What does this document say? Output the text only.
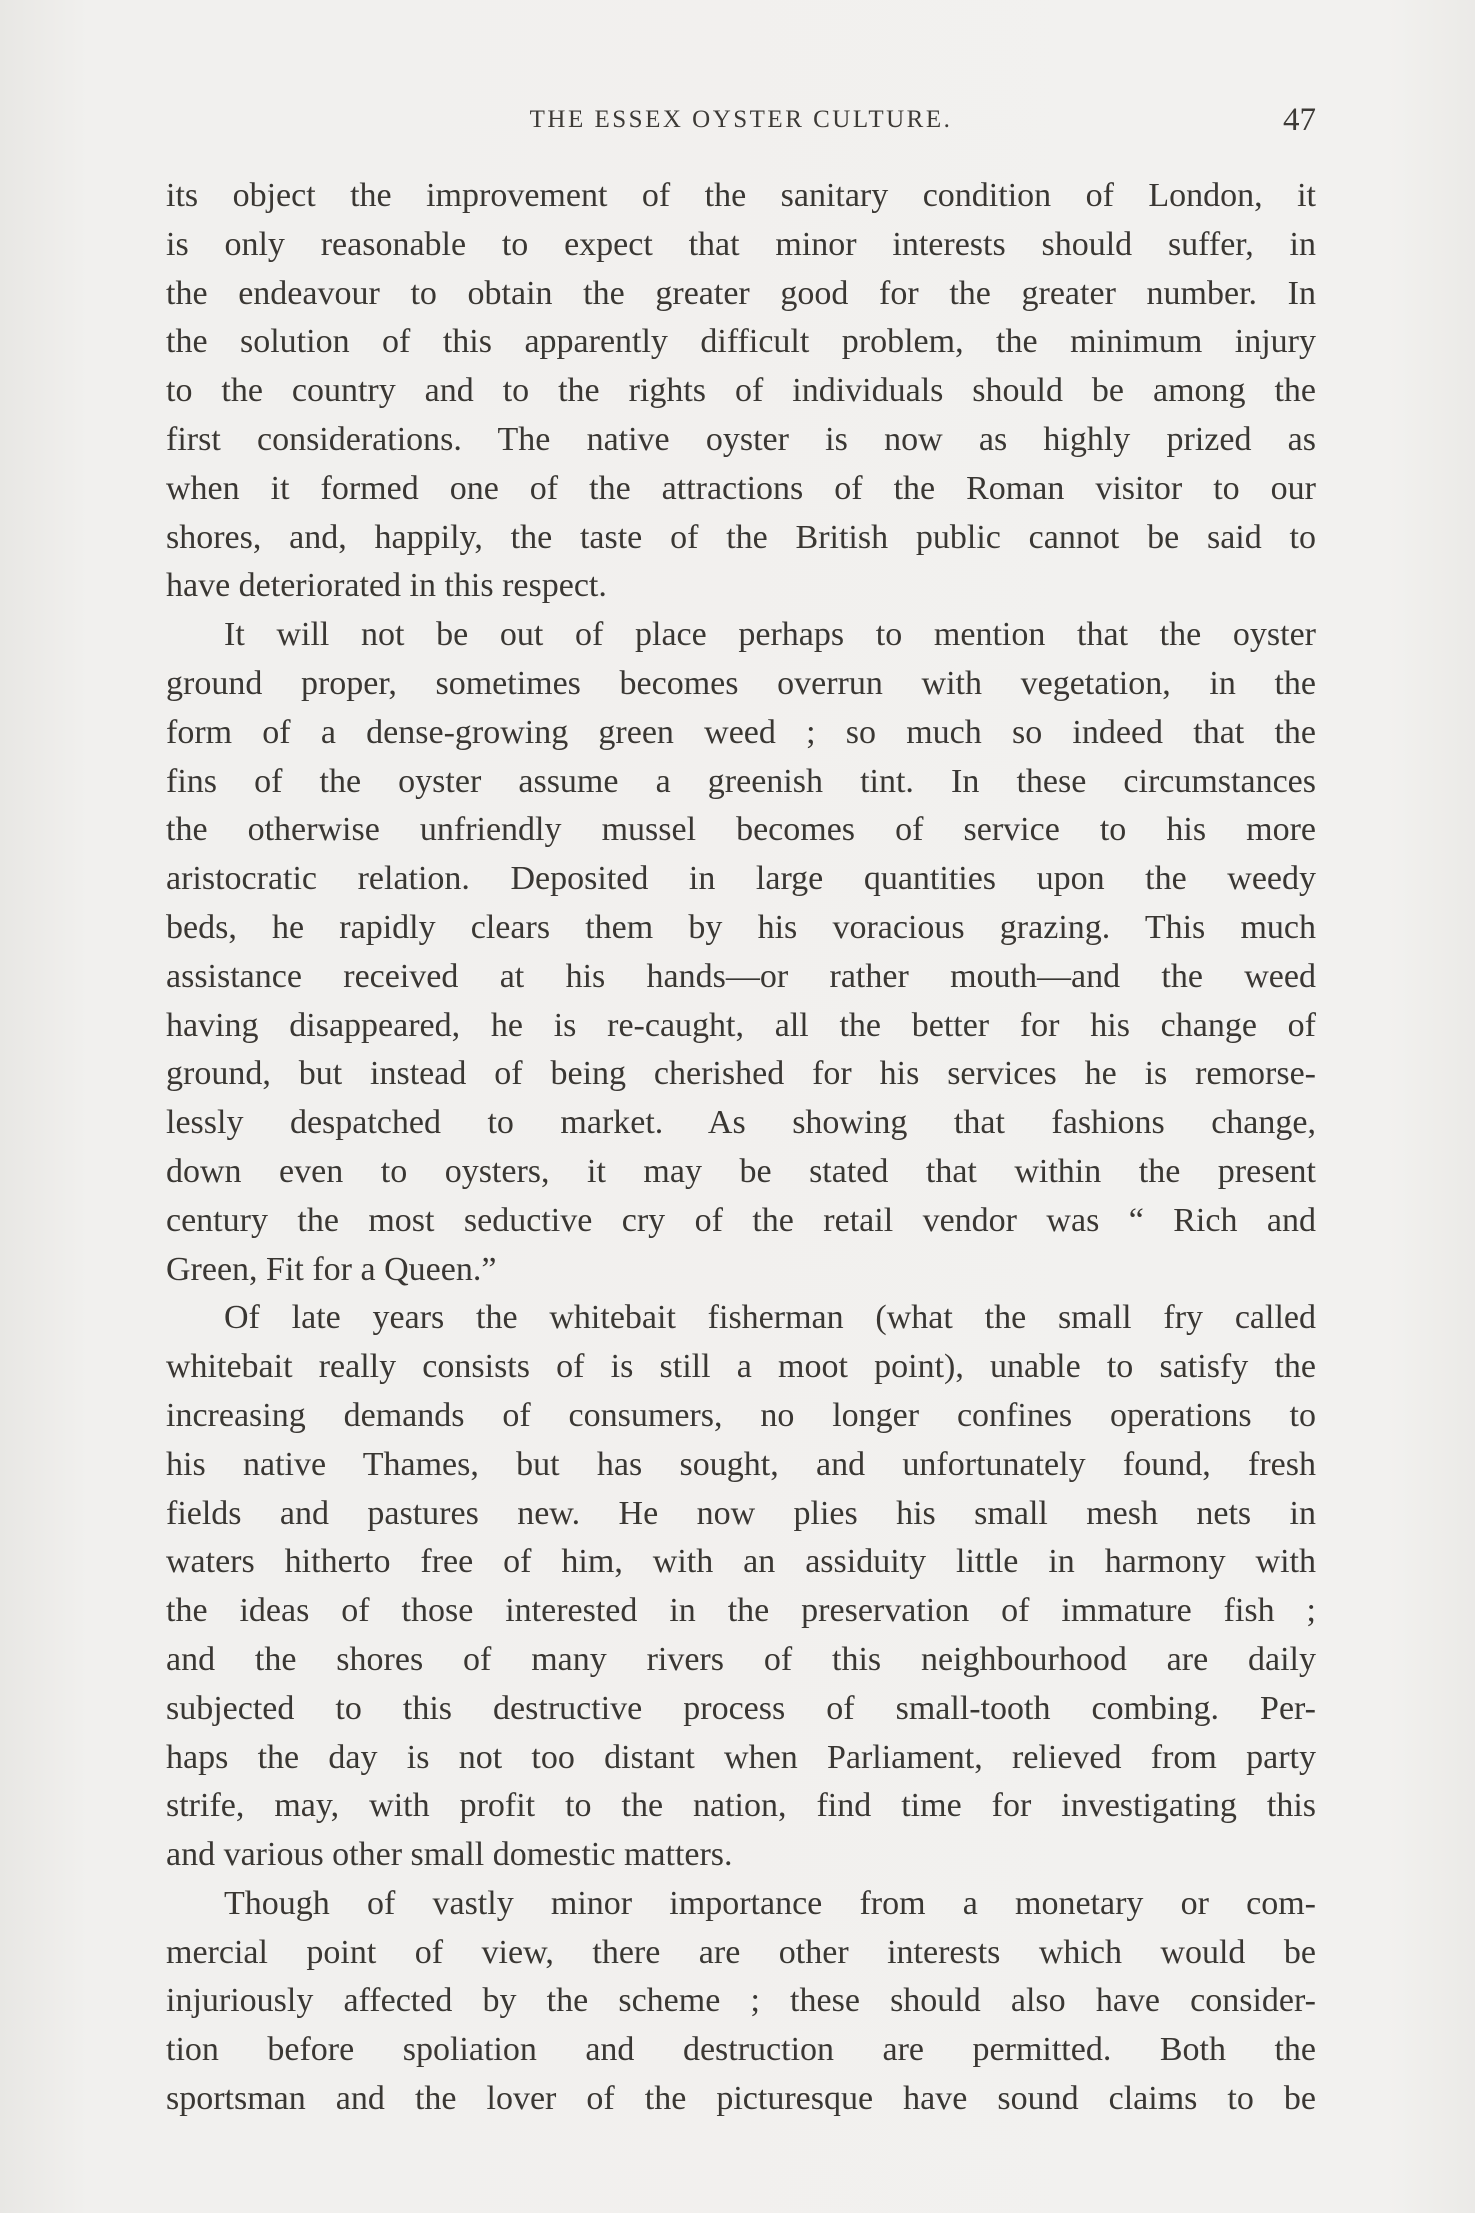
THE ESSEX OYSTER CULTURE.	47

its object the improvement of the sanitary condition of London, it
is only reasonable to expect that minor interests should suffer, in
the endeavour to obtain the greater good for the greater number. In
the solution of this apparently difficult problem, the minimum injury
to the country and to the rights of individuals should be among the
first considerations. The native oyster is now as highly prized as
when it formed one of the attractions of the Roman visitor to our
shores, and, happily, the taste of the British public cannot be said to
have deteriorated in this respect.

It will not be out of place perhaps to mention that the oyster
ground proper, sometimes becomes overrun with vegetation, in the
form of a dense-growing green weed ; so much so indeed that the
fins of the oyster assume a greenish tint. In these circumstances
the otherwise unfriendly mussel becomes of service to his more
aristocratic relation. Deposited in large quantities upon the weedy
beds, he rapidly clears them by his voracious grazing. This much
assistance received at his hands—or rather mouth—and the weed
having disappeared, he is re-caught, all the better for his change of
ground, but instead of being cherished for his services he is remorse-
lessly despatched to market. As showing that fashions change,
down even to oysters, it may be stated that within the present
century the most seductive cry of the retail vendor was “ Rich and
Green, Fit for a Queen.”

Of late years the whitebait fisherman (what the small fry called
whitebait really consists of is still a moot point), unable to satisfy the
increasing demands of consumers, no longer confines operations to
his native Thames, but has sought, and unfortunately found, fresh
fields and pastures new. He now plies his small mesh nets in
waters hitherto free of him, with an assiduity little in harmony with
the ideas of those interested in the preservation of immature fish ;
and the shores of many rivers of this neighbourhood are daily
subjected to this destructive process of small-tooth combing. Per-
haps the day is not too distant when Parliament, relieved from party
strife, may, with profit to the nation, find time for investigating this
and various other small domestic matters.

Though of vastly minor importance from a monetary or com-
mercial point of view, there are other interests which would be
injuriously affected by the scheme ; these should also have consider-
tion before spoliation and destruction are permitted. Both the
sportsman and the lover of the picturesque have sound claims to be
